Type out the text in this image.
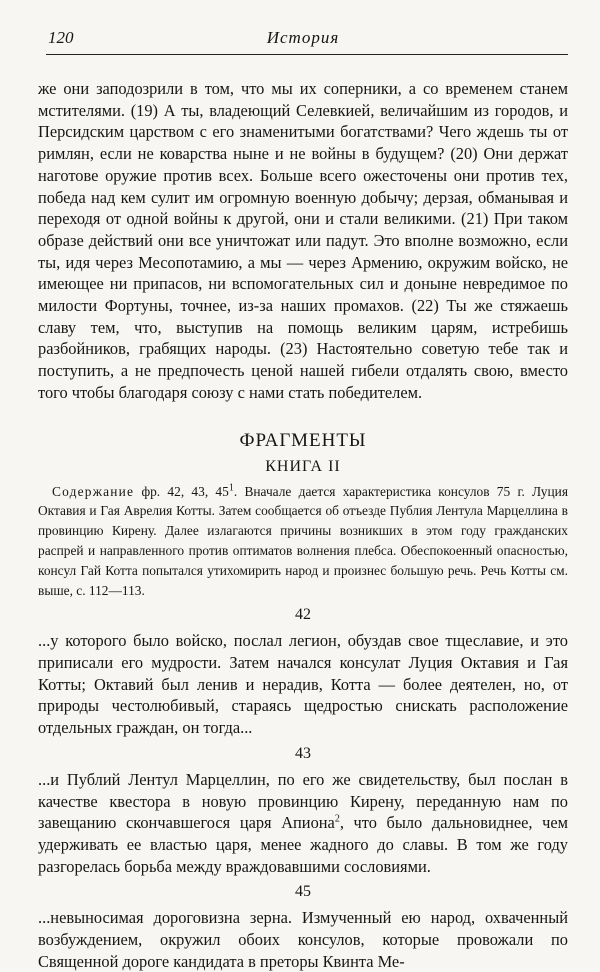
120	История

же они заподозрили в том, что мы их соперники, а со временем станем мстителями. (19) А ты, владеющий Селевкией, величайшим из городов, и Персидским царством с его знаменитыми богатствами? Чего ждешь ты от римлян, если не коварства ныне и не войны в будущем? (20) Они держат наготове оружие против всех. Больше всего ожесточены они против тех, победа над кем сулит им огромную военную добычу; дерзая, обманывая и переходя от одной войны к другой, они и стали великими. (21) При таком образе действий они все уничтожат или падут. Это вполне возможно, если ты, идя через Месопотамию, а мы — через Армению, окружим войско, не имеющее ни припасов, ни вспомогательных сил и доныне невредимое по милости Фортуны, точнее, из-за наших промахов. (22) Ты же стяжаешь славу тем, что, выступив на помощь великим царям, истребишь разбойников, грабящих народы. (23) Настоятельно советую тебе так и поступить, а не предпочесть ценой нашей гибели отдалять свою, вместо того чтобы благодаря союзу с нами стать победителем.

ФРАГМЕНТЫ
КНИГА II

Содержание фр. 42, 43, $45^1$. Вначале дается характеристика консулов 75 г. Луция Октавия и Гая Аврелия Котты. Затем сообщается об отъезде Публия Лентула Марцеллина в провинцию Кирену. Далее излагаются причины возникших в этом году гражданских распрей и направленного против оптиматов волнения плебса. Обеспокоенный опасностью, консул Гай Котта попытался утихомирить народ и произнес большую речь. Речь Котты см. выше, с. 112—113.

42

...у которого было войско, послал легион, обуздав свое тщеславие, и это приписали его мудрости. Затем начался консулат Луция Октавия и Гая Котты; Октавий был ленив и нерадив, Котта — более деятелен, но, от природы честолюбивый, стараясь щедростью снискать расположение отдельных граждан, он тогда...

43

...и Публий Лентул Марцеллин, по его же свидетельству, был послан в качестве квестора в новую провинцию Кирену, переданную нам по завещанию скончавшегося царя Апиона$^2$, что было дальновиднее, чем удерживать ее властью царя, менее жадного до славы. В том же году разгорелась борьба между враждовавшими сословиями.

45

...невыносимая дороговизна зерна. Измученный ею народ, охваченный возбуждением, окружил обоих консулов, которые провожали по Священной дороге кандидата в преторы Квинта Ме-
